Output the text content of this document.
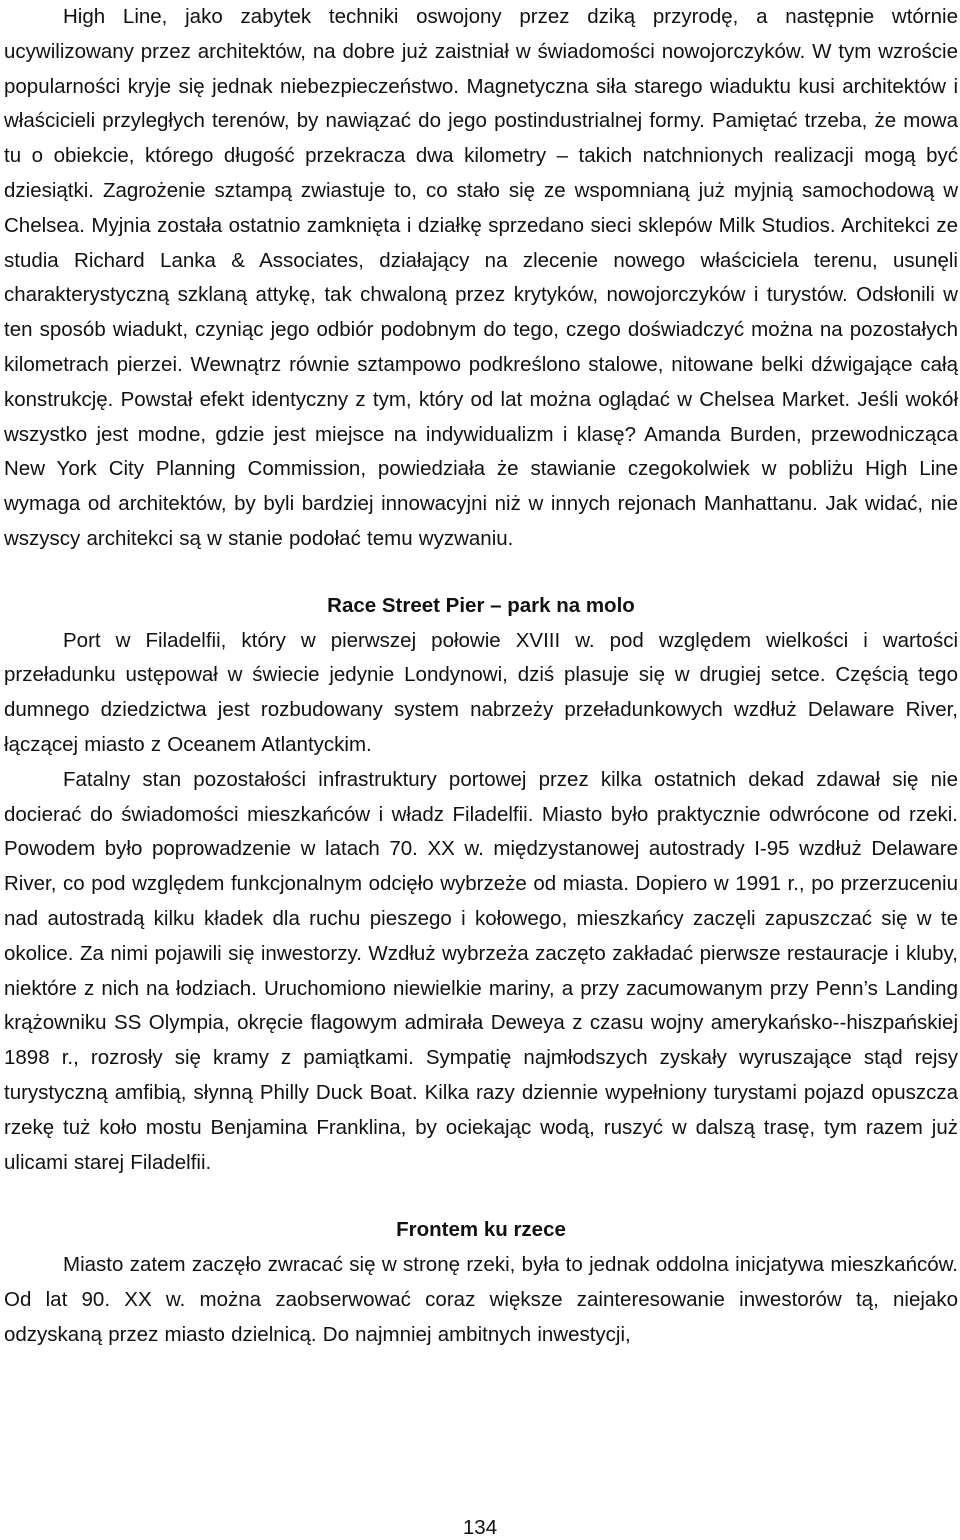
High Line, jako zabytek techniki oswojony przez dziką przyrodę, a następnie wtórnie ucywilizowany przez architektów, na dobre już zaistniał w świadomości nowojorczyków. W tym wzroście popularności kryje się jednak niebezpieczeństwo. Magnetyczna siła starego wiaduktu kusi architektów i właścicieli przyległych terenów, by nawiązać do jego postindustrialnej formy. Pamiętać trzeba, że mowa tu o obiekcie, którego długość przekracza dwa kilometry – takich natchnionych realizacji mogą być dziesiątki. Zagrożenie sztampą zwiastuje to, co stało się ze wspomnianą już myjnią samochodową w Chelsea. Myjnia została ostatnio zamknięta i działkę sprzedano sieci sklepów Milk Studios. Architekci ze studia Richard Lanka & Associates, działający na zlecenie nowego właściciela terenu, usunęli charakterystyczną szklaną attykę, tak chwaloną przez krytyków, nowojorczyków i turystów. Odsłonili w ten sposób wiadukt, czyniąc jego odbiór podobnym do tego, czego doświadczyć można na pozostałych kilometrach pierzei. Wewnątrz równie sztampowo podkreślono stalowe, nitowane belki dźwigające całą konstrukcję. Powstał efekt identyczny z tym, który od lat można oglądać w Chelsea Market. Jeśli wokół wszystko jest modne, gdzie jest miejsce na indywidualizm i klasę? Amanda Burden, przewodnicząca New York City Planning Commission, powiedziała że stawianie czegokolwiek w pobliżu High Line wymaga od architektów, by byli bardziej innowacyjni niż w innych rejonach Manhattanu. Jak widać, nie wszyscy architekci są w stanie podołać temu wyzwaniu.

Race Street Pier – park na molo

Port w Filadelfii, który w pierwszej połowie XVIII w. pod względem wielkości i wartości przeładunku ustępował w świecie jedynie Londynowi, dziś plasuje się w drugiej setce. Częścią tego dumnego dziedzictwa jest rozbudowany system nabrzeży przeładunkowych wzdłuż Delaware River, łączącej miasto z Oceanem Atlantyckim.

Fatalny stan pozostałości infrastruktury portowej przez kilka ostatnich dekad zdawał się nie docierać do świadomości mieszkańców i władz Filadelfii. Miasto było praktycznie odwrócone od rzeki. Powodem było poprowadzenie w latach 70. XX w. międzystanowej autostrady I-95 wzdłuż Delaware River, co pod względem funkcjonalnym odcięło wybrzeże od miasta. Dopiero w 1991 r., po przerzuceniu nad autostradą kilku kładek dla ruchu pieszego i kołowego, mieszkańcy zaczęli zapuszczać się w te okolice. Za nimi pojawili się inwestorzy. Wzdłuż wybrzeża zaczęto zakładać pierwsze restauracje i kluby, niektóre z nich na łodziach. Uruchomiono niewielkie mariny, a przy zacumowanym przy Penn’s Landing krążowniku SS Olympia, okręcie flagowym admirała Deweya z czasu wojny amerykańsko--hiszpańskiej 1898 r., rozrosły się kramy z pamiątkami. Sympatię najmłodszych zyskały wyruszające stąd rejsy turystyczną amfibią, słynną Philly Duck Boat. Kilka razy dziennie wypełniony turystami pojazd opuszcza rzekę tuż koło mostu Benjamina Franklina, by ociekając wodą, ruszyć w dalszą trasę, tym razem już ulicami starej Filadelfii.

Frontem ku rzece

Miasto zatem zaczęło zwracać się w stronę rzeki, była to jednak oddolna inicjatywa mieszkańców. Od lat 90. XX w. można zaobserwować coraz większe zainteresowanie inwestorów tą, niejako odzyskaną przez miasto dzielnicą. Do najmniej ambitnych inwestycji,

134
